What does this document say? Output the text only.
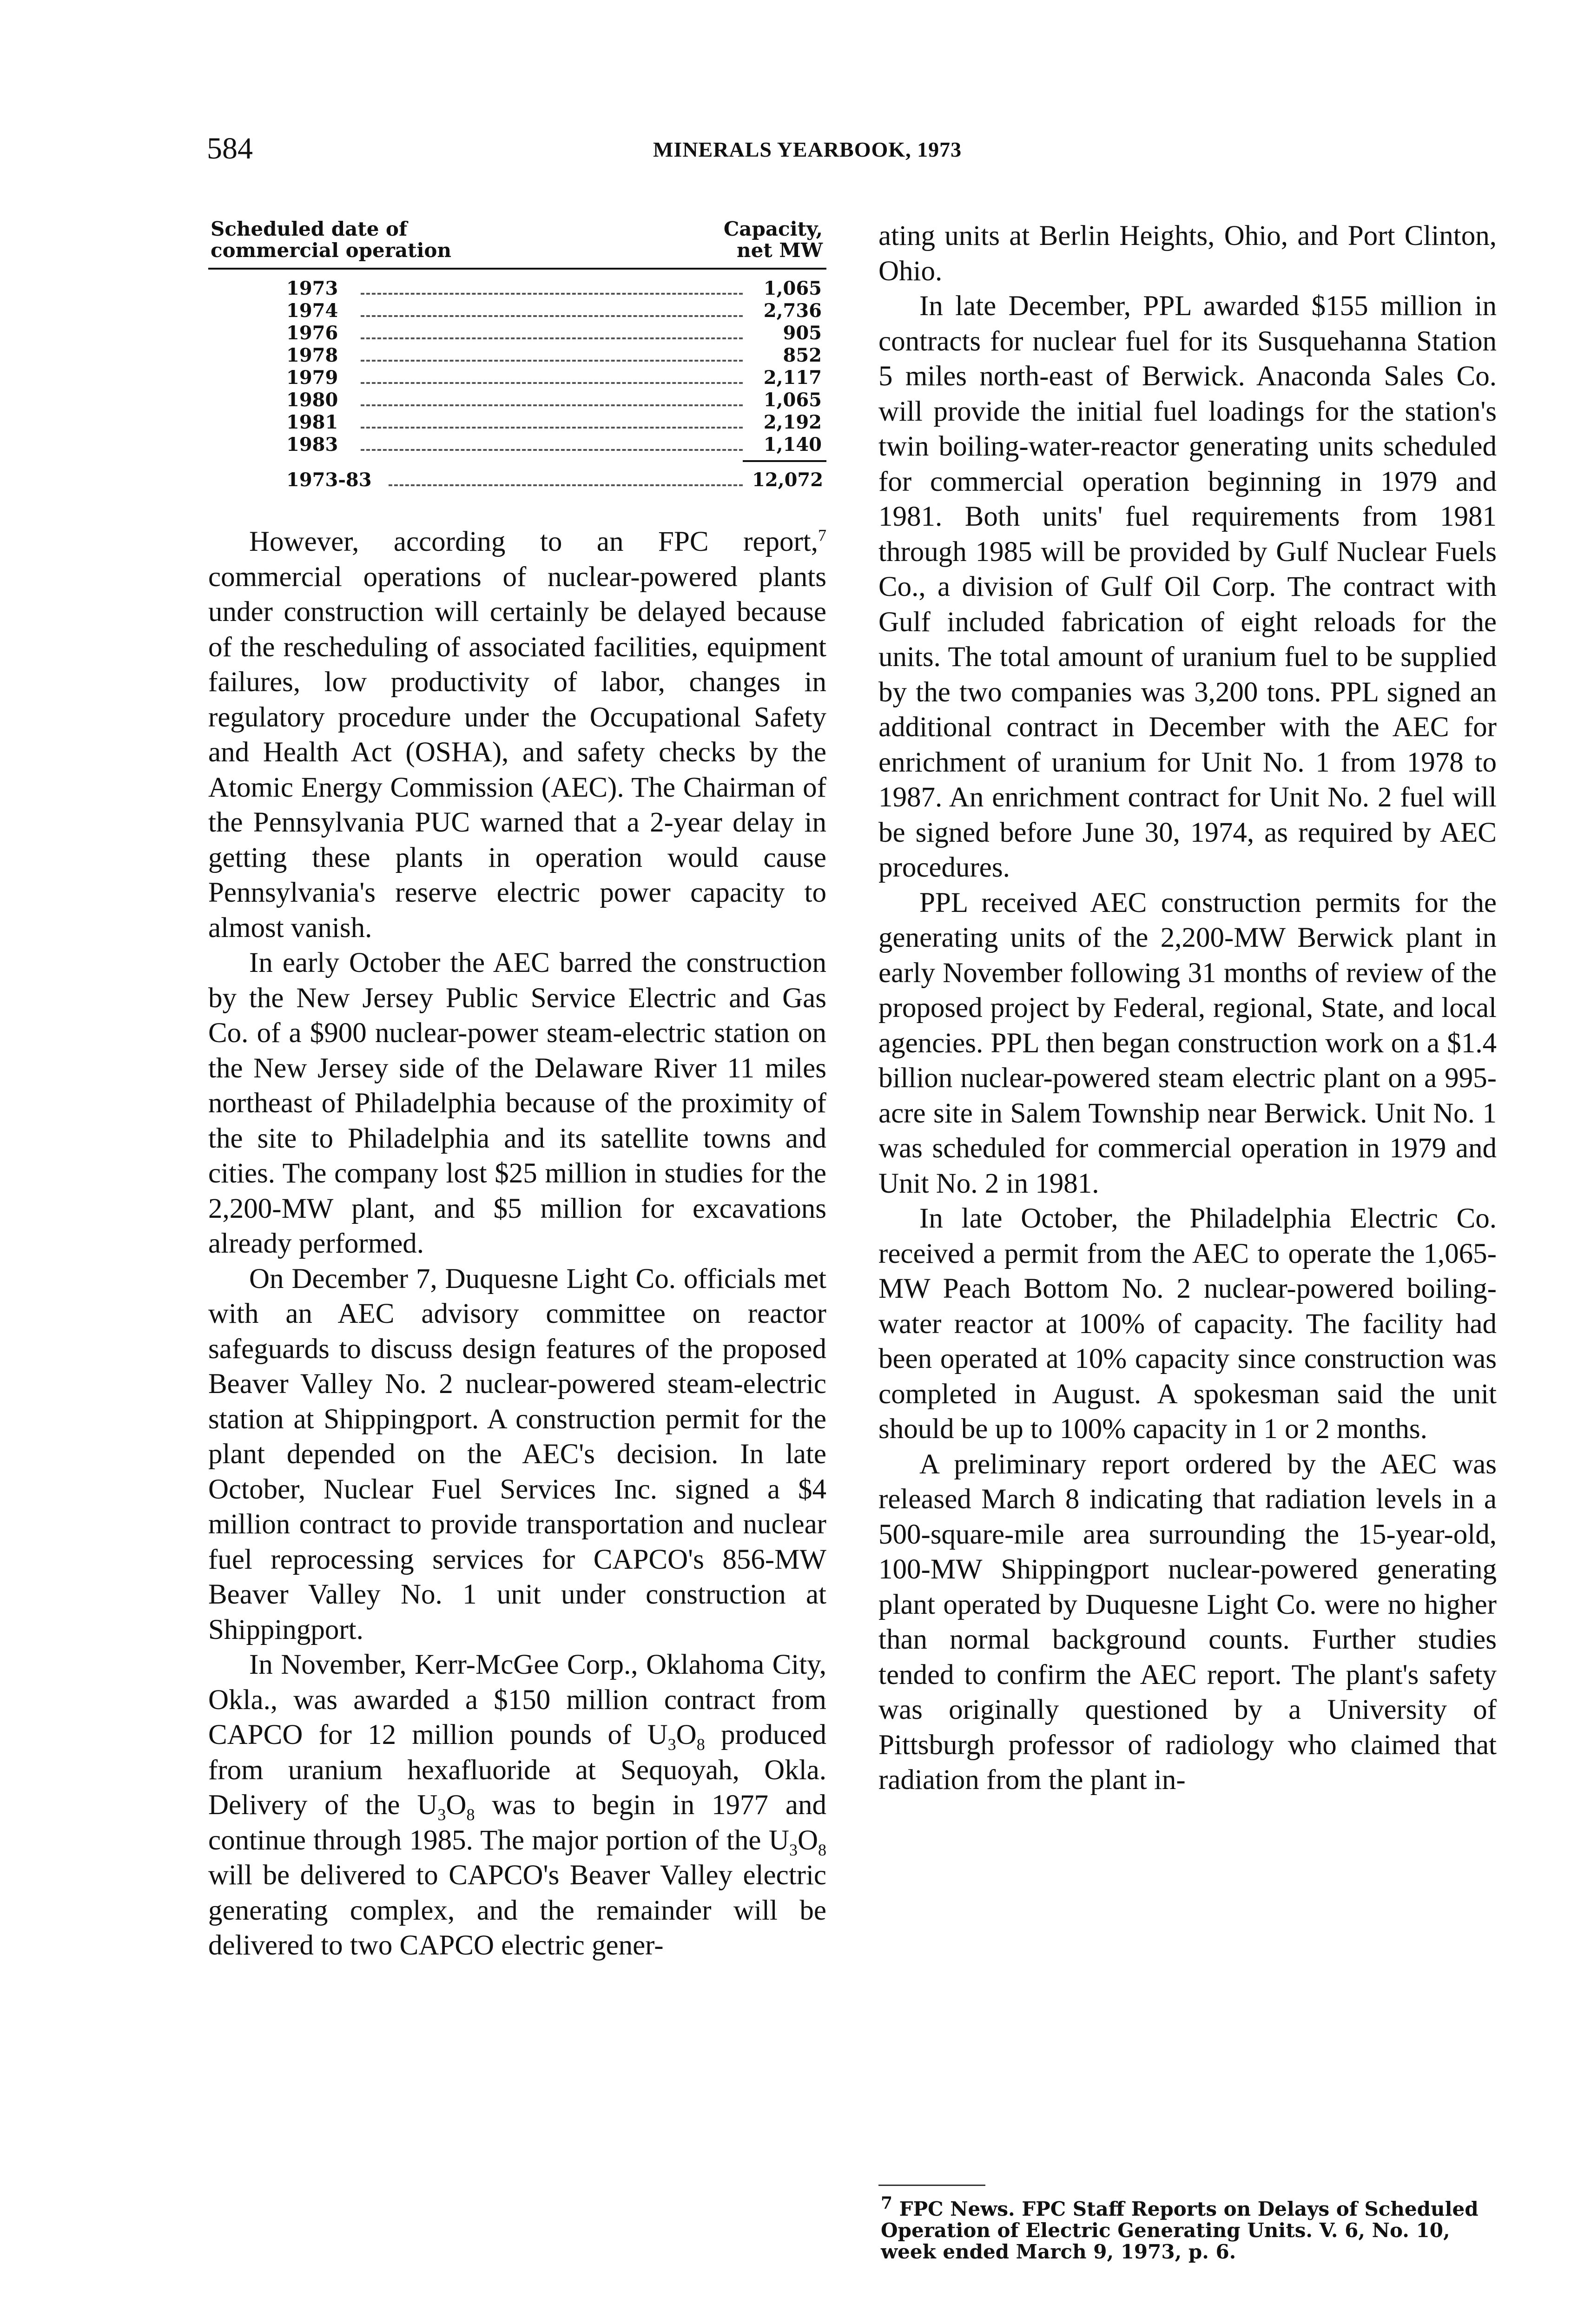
584	MINERALS YEARBOOK, 1973
Scheduled date of
commercial operation
Capacity,
net MW
1973	1,065
1974	2,736
1976	905
1978	852
1979	2,117
1980	1,065
1981	2,192
1983	1,140
1973-83	12,072

However, according to an FPC report,$^7$ commercial operations of nuclear-powered plants under construction will certainly be delayed because of the rescheduling of associated facilities, equipment failures, low productivity of labor, changes in regulatory procedure under the Occupational Safety and Health Act (OSHA), and safety checks by the Atomic Energy Commission (AEC). The Chairman of the Pennsylvania PUC warned that a 2-year delay in getting these plants in operation would cause Pennsylvania's reserve electric power capacity to almost vanish.

In early October the AEC barred the construction by the New Jersey Public Service Electric and Gas Co. of a $900 nuclear-power steam-electric station on the New Jersey side of the Delaware River 11 miles northeast of Philadelphia because of the proximity of the site to Philadelphia and its satellite towns and cities. The company lost $25 million in studies for the 2,200-MW plant, and $5 million for excavations already performed.

On December 7, Duquesne Light Co. officials met with an AEC advisory committee on reactor safeguards to discuss design features of the proposed Beaver Valley No. 2 nuclear-powered steam-electric station at Shippingport. A construction permit for the plant depended on the AEC's decision. In late October, Nuclear Fuel Services Inc. signed a $4 million contract to provide transportation and nuclear fuel reprocessing services for CAPCO's 856-MW Beaver Valley No. 1 unit under construction at Shippingport.

In November, Kerr-McGee Corp., Oklahoma City, Okla., was awarded a $150 million contract from CAPCO for 12 million pounds of $U_3O_8$ produced from uranium hexafluoride at Sequoyah, Okla. Delivery of the $U_3O_8$ was to begin in 1977 and continue through 1985. The major portion of the $U_3O_8$ will be delivered to CAPCO's Beaver Valley electric generating complex, and the remainder will be delivered to two CAPCO electric gener-

ating units at Berlin Heights, Ohio, and Port Clinton, Ohio.

In late December, PPL awarded $155 million in contracts for nuclear fuel for its Susquehanna Station 5 miles north-east of Berwick. Anaconda Sales Co. will provide the initial fuel loadings for the station's twin boiling-water-reactor generating units scheduled for commercial operation beginning in 1979 and 1981. Both units' fuel requirements from 1981 through 1985 will be provided by Gulf Nuclear Fuels Co., a division of Gulf Oil Corp. The contract with Gulf included fabrication of eight reloads for the units. The total amount of uranium fuel to be supplied by the two companies was 3,200 tons. PPL signed an additional contract in December with the AEC for enrichment of uranium for Unit No. 1 from 1978 to 1987. An enrichment contract for Unit No. 2 fuel will be signed before June 30, 1974, as required by AEC procedures.

PPL received AEC construction permits for the generating units of the 2,200-MW Berwick plant in early November following 31 months of review of the proposed project by Federal, regional, State, and local agencies. PPL then began construction work on a $1.4 billion nuclear-powered steam electric plant on a 995-acre site in Salem Township near Berwick. Unit No. 1 was scheduled for commercial operation in 1979 and Unit No. 2 in 1981.

In late October, the Philadelphia Electric Co. received a permit from the AEC to operate the 1,065-MW Peach Bottom No. 2 nuclear-powered boiling-water reactor at 100% of capacity. The facility had been operated at 10% capacity since construction was completed in August. A spokesman said the unit should be up to 100% capacity in 1 or 2 months.

A preliminary report ordered by the AEC was released March 8 indicating that radiation levels in a 500-square-mile area surrounding the 15-year-old, 100-MW Shippingport nuclear-powered generating plant operated by Duquesne Light Co. were no higher than normal background counts. Further studies tended to confirm the AEC report. The plant's safety was originally questioned by a University of Pittsburgh professor of radiology who claimed that radiation from the plant in-

$^7$ FPC News. FPC Staff Reports on Delays of Scheduled Operation of Electric Generating Units. V. 6, No. 10, week ended March 9, 1973, p. 6.
